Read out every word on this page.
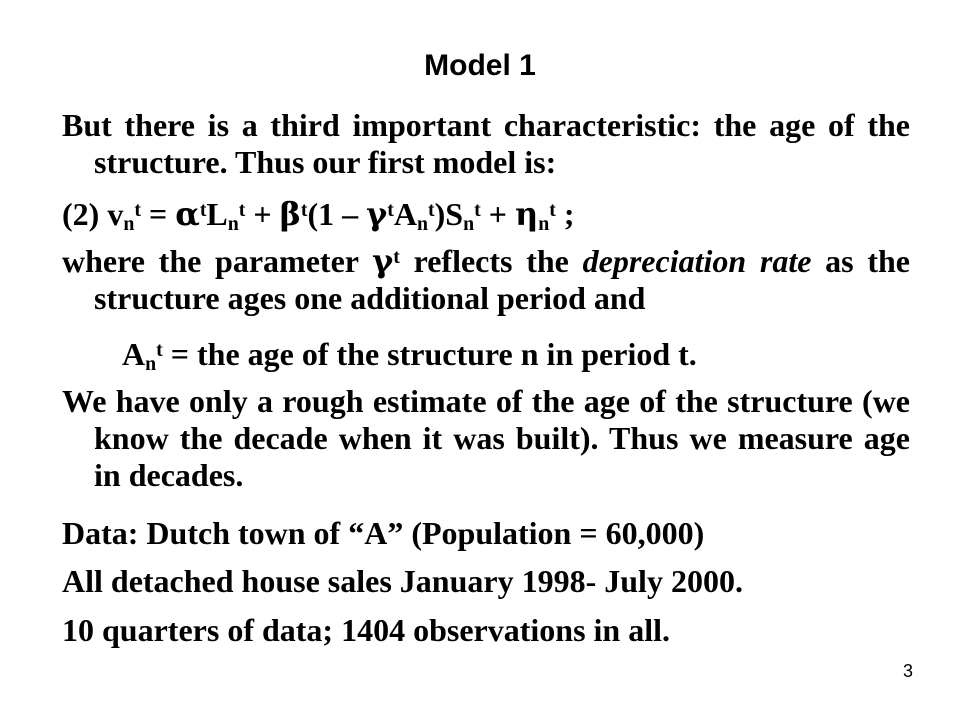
Model 1
But there is a third important characteristic: the age of the structure. Thus our first model is:
(2) $v_n^t = \alpha^tL_n^t + \beta^t(1 - \gamma^tA_n^t)S_n^t + \eta_n^t$ ;
where the parameter $\gamma^t$ reflects the depreciation rate as the structure ages one additional period and
$A_n^t$ = the age of the structure n in period t.
We have only a rough estimate of the age of the structure (we know the decade when it was built). Thus we measure age in decades.
Data: Dutch town of “A” (Population = 60,000)
All detached house sales January 1998- July 2000.
10 quarters of data; 1404 observations in all.
3
